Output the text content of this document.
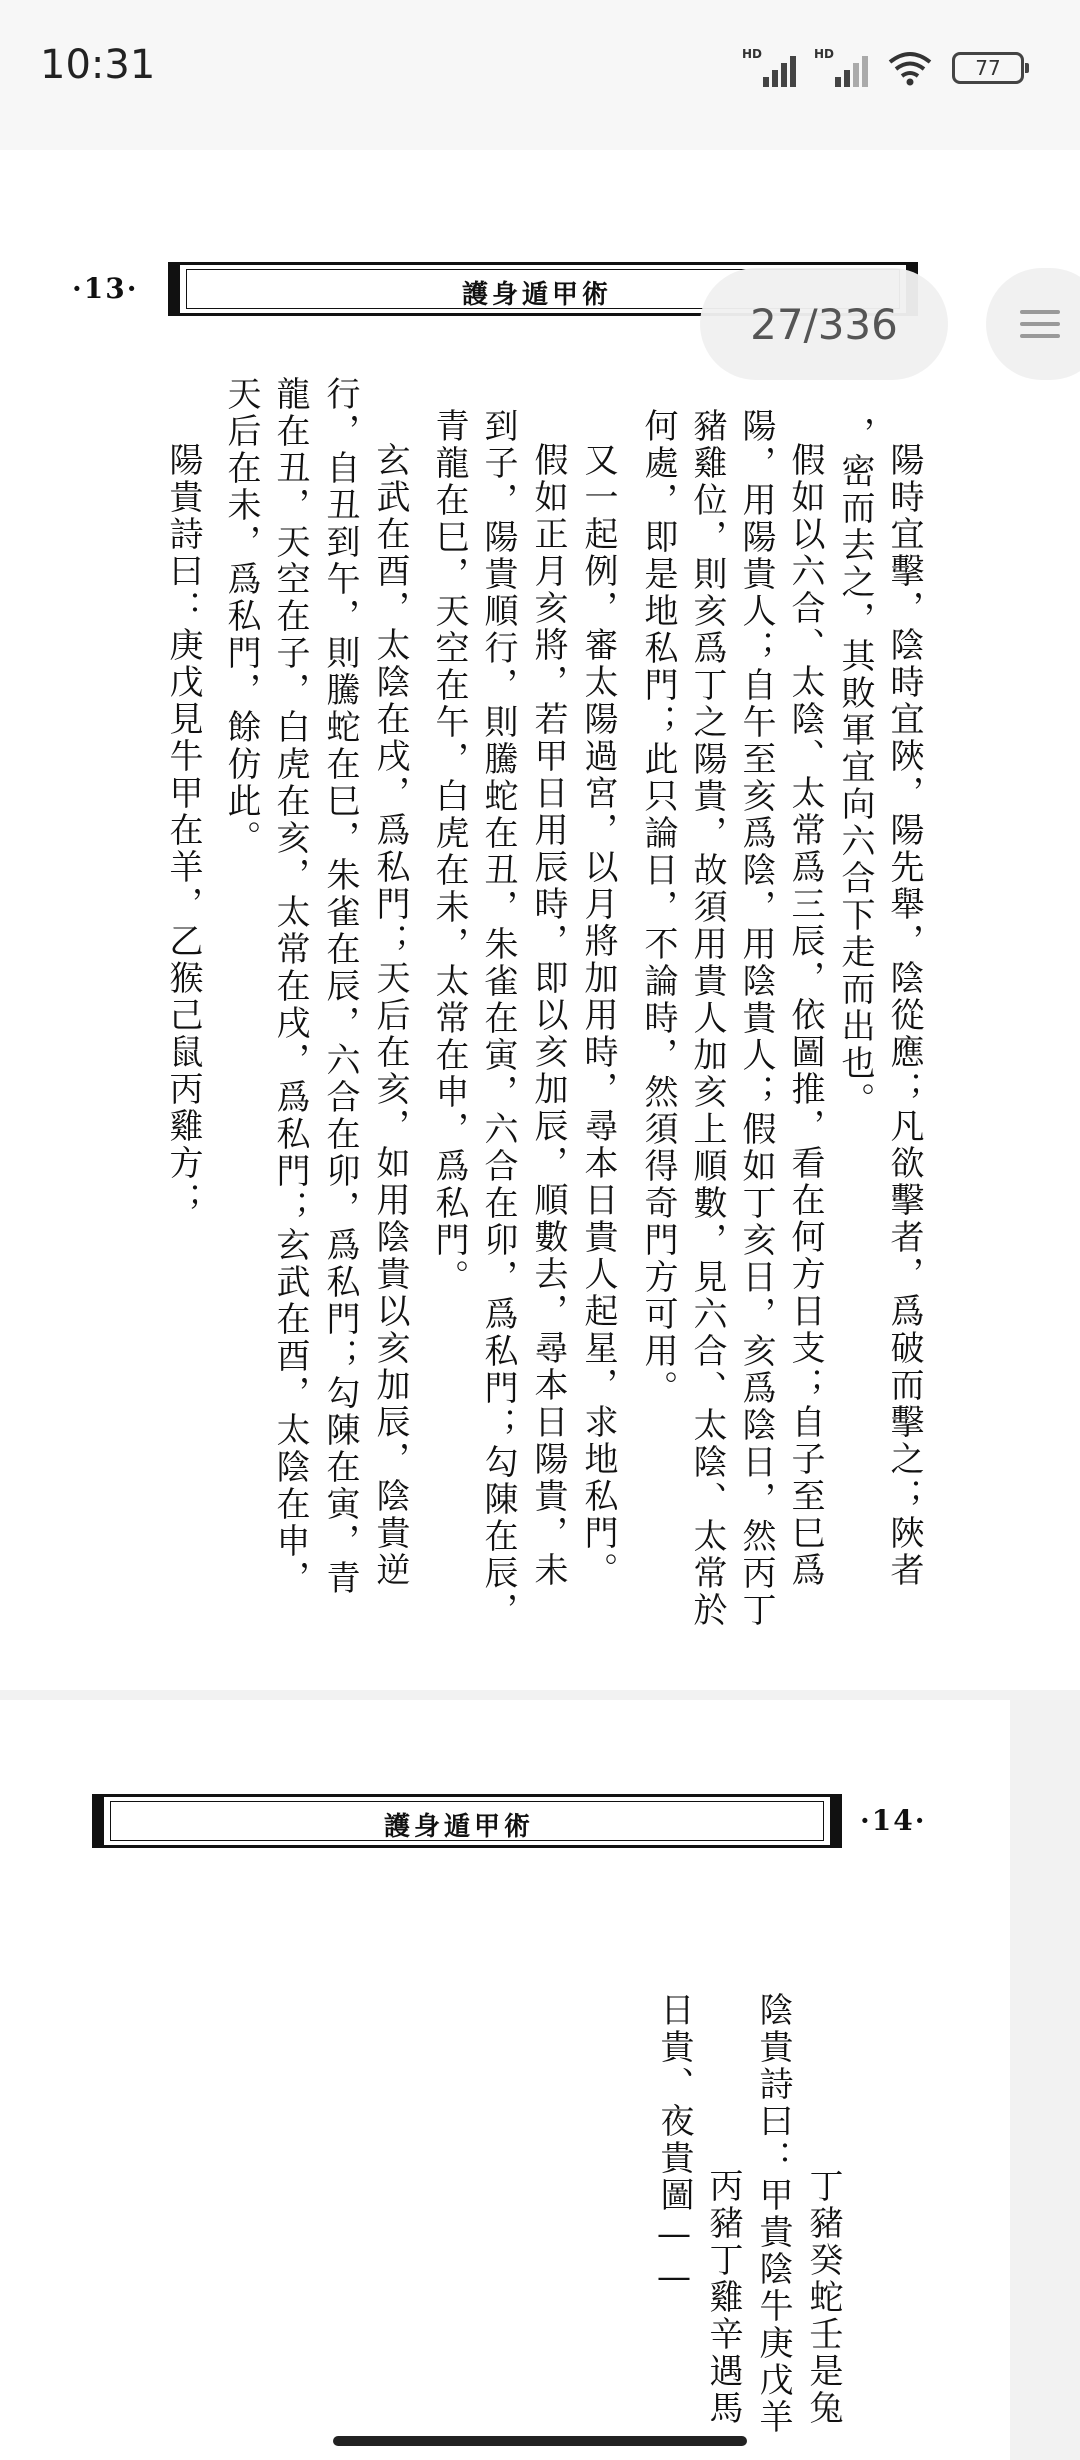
10:31	HD	HD
77
·13·	護身遁甲術
陽時宜擊，陰時宜陜，陽先舉，陰從應；凡欲擊者，爲破而擊之；陜者
，密而去之，其敗軍宜向六合下走而出也。
假如以六合、太陰、太常爲三辰，依圖推，看在何方日支；自子至巳爲
陽，用陽貴人；自午至亥爲陰，用陰貴人；假如丁亥日，亥爲陰日，然丙丁
豬雞位，則亥爲丁之陽貴，故須用貴人加亥上順數，見六合、太陰、太常於
何處，即是地私門；此只論日，不論時，然須得奇門方可用。
又一起例，審太陽過宮，以月將加用時，尋本日貴人起星，求地私門。
假如正月亥將，若甲日用辰時，即以亥加辰，順數去，尋本日陽貴，未
到子，陽貴順行，則騰蛇在丑，朱雀在寅，六合在卯，爲私門；勾陳在辰，
青龍在巳，天空在午，白虎在未，太常在申，爲私門。
玄武在酉，太陰在戌，爲私門；天后在亥，如用陰貴以亥加辰，陰貴逆
行，自丑到午，則騰蛇在巳，朱雀在辰，六合在卯，爲私門；勾陳在寅，青
龍在丑，天空在子，白虎在亥，太常在戌，爲私門；玄武在酉，太陰在申，
天后在未，爲私門，餘仿此。
陽貴詩曰：庚戊見牛甲在羊，乙猴己鼠丙雞方；
護身遁甲術	·14·
丁豬癸蛇壬是兔
陰貴詩曰：甲貴陰牛庚戊羊
丙豬丁雞辛遇馬
日貴、夜貴圖——
27/336
